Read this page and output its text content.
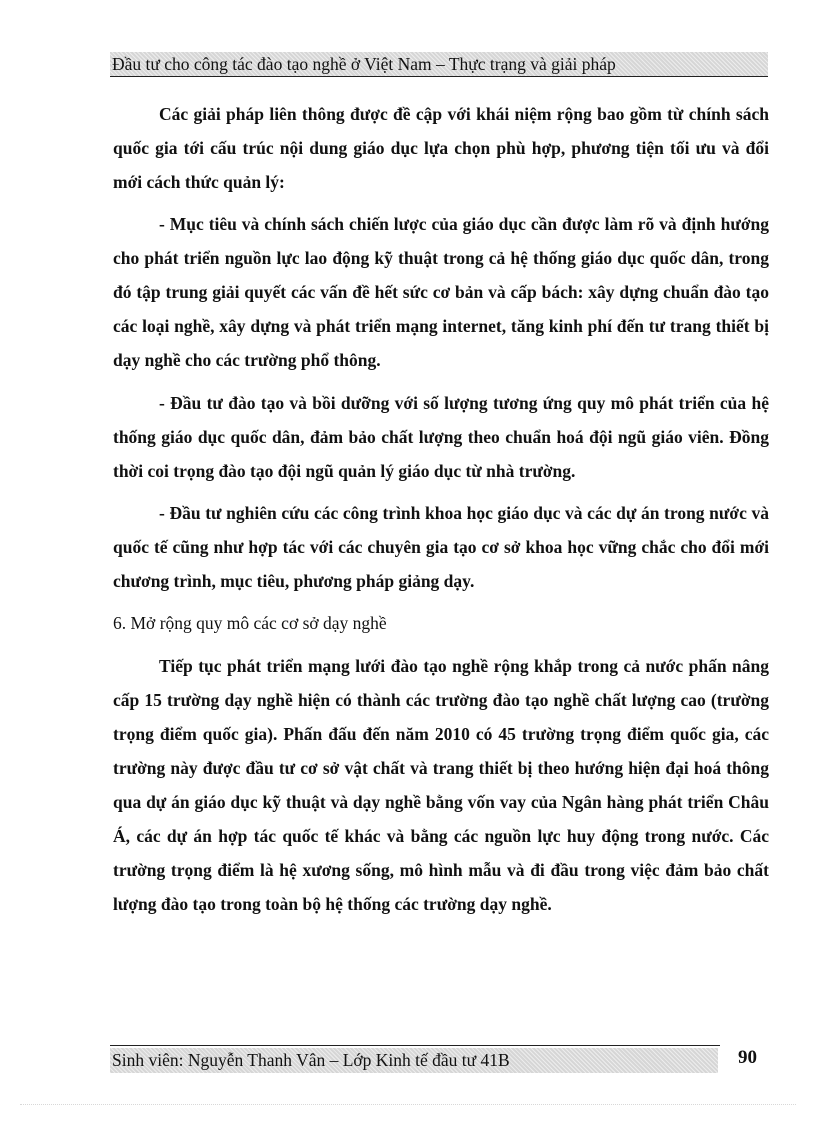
Đầu tư cho công tác đào tạo nghề ở Việt Nam – Thực trạng và giải pháp

Các giải pháp liên thông được đề cập với khái niệm rộng bao gồm từ chính sách quốc gia tới cấu trúc nội dung giáo dục lựa chọn phù hợp, phương tiện tối ưu và đổi mới cách thức quản lý:

- Mục tiêu và chính sách chiến lược của giáo dục cần được làm rõ và định hướng cho phát triển nguồn lực lao động kỹ thuật trong cả hệ thống giáo dục quốc dân, trong đó tập trung giải quyết các vấn đề hết sức cơ bản và cấp bách: xây dựng chuẩn đào tạo các loại nghề, xây dựng và phát triển mạng internet, tăng kinh phí đến tư trang thiết bị dạy nghề cho các trường phổ thông.

- Đầu tư đào tạo và bồi dưỡng với số lượng tương ứng quy mô phát triển của hệ thống giáo dục quốc dân, đảm bảo chất lượng theo chuẩn hoá đội ngũ giáo viên. Đồng thời coi trọng đào tạo đội ngũ quản lý giáo dục từ nhà trường.

- Đầu tư nghiên cứu các công trình khoa học giáo dục và các dự án trong nước và quốc tế cũng như hợp tác với các chuyên gia tạo cơ sở khoa học vững chắc cho đổi mới chương trình, mục tiêu, phương pháp giảng dạy.

6. Mở rộng quy mô các cơ sở dạy nghề

Tiếp tục phát triển mạng lưới đào tạo nghề rộng khắp trong cả nước phấn nâng cấp 15 trường dạy nghề hiện có thành các trường đào tạo nghề chất lượng cao (trường trọng điểm quốc gia). Phấn đấu đến năm 2010 có 45 trường trọng điểm quốc gia, các trường này được đầu tư cơ sở vật chất và trang thiết bị theo hướng hiện đại hoá thông qua dự án giáo dục kỹ thuật và dạy nghề bằng vốn vay của Ngân hàng phát triển Châu Á, các dự án hợp tác quốc tế khác và bằng các nguồn lực huy động trong nước. Các trường trọng điểm là hệ xương sống, mô hình mẫu và đi đầu trong việc đảm bảo chất lượng đào tạo trong toàn bộ hệ thống các trường dạy nghề.

Sinh viên: Nguyễn Thanh Vân – Lớp Kinh tế đầu tư 41B	90
